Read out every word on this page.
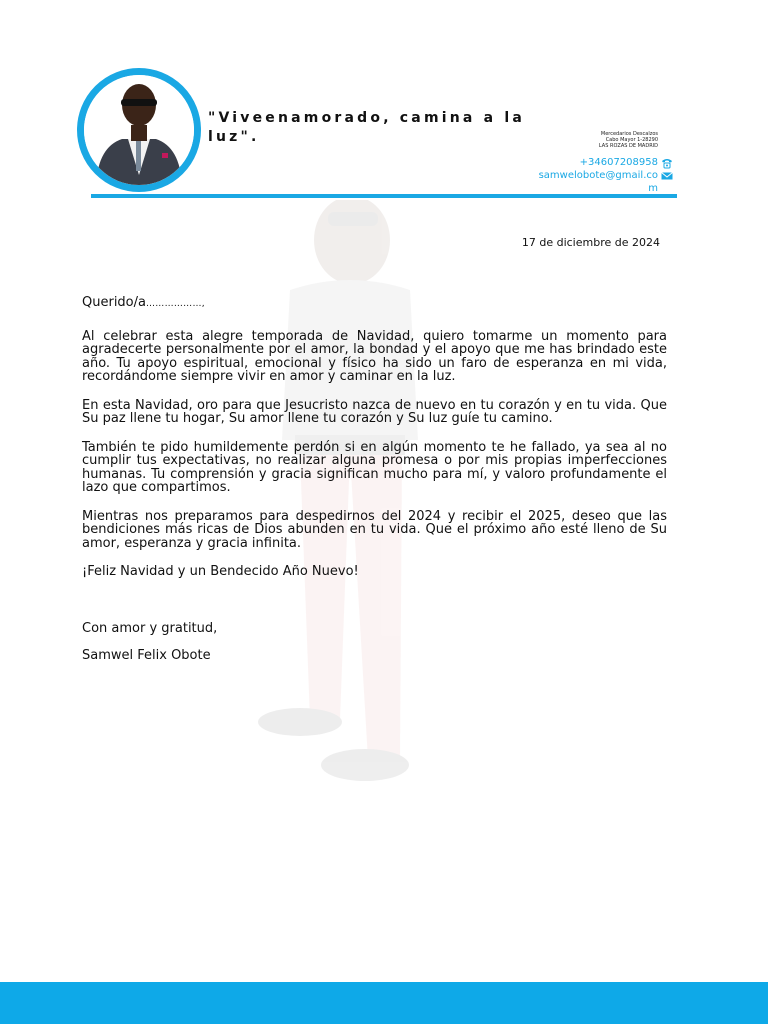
"Viveenamorado, camina a la luz".	Mercedarios Descalzos
Cabo Mayor 1-28290
LAS ROZAS DE MADRID
+34607208958
samwelobote@gmail.com
17 de diciembre de 2024

Querido/a………………,

Al celebrar esta alegre temporada de Navidad, quiero tomarme un momento para agradecerte personalmente por el amor, la bondad y el apoyo que me has brindado este año. Tu apoyo espiritual, emocional y físico ha sido un faro de esperanza en mi vida, recordándome siempre vivir en amor y caminar en la luz.

En esta Navidad, oro para que Jesucristo nazca de nuevo en tu corazón y en tu vida. Que Su paz llene tu hogar, Su amor llene tu corazón y Su luz guíe tu camino.

También te pido humildemente perdón si en algún momento te he fallado, ya sea al no cumplir tus expectativas, no realizar alguna promesa o por mis propias imperfecciones humanas. Tu comprensión y gracia significan mucho para mí, y valoro profundamente el lazo que compartimos.

Mientras nos preparamos para despedirnos del 2024 y recibir el 2025, deseo que las bendiciones más ricas de Dios abunden en tu vida. Que el próximo año esté lleno de Su amor, esperanza y gracia infinita.

¡Feliz Navidad y un Bendecido Año Nuevo!

Con amor y gratitud,

Samwel Felix Obote
